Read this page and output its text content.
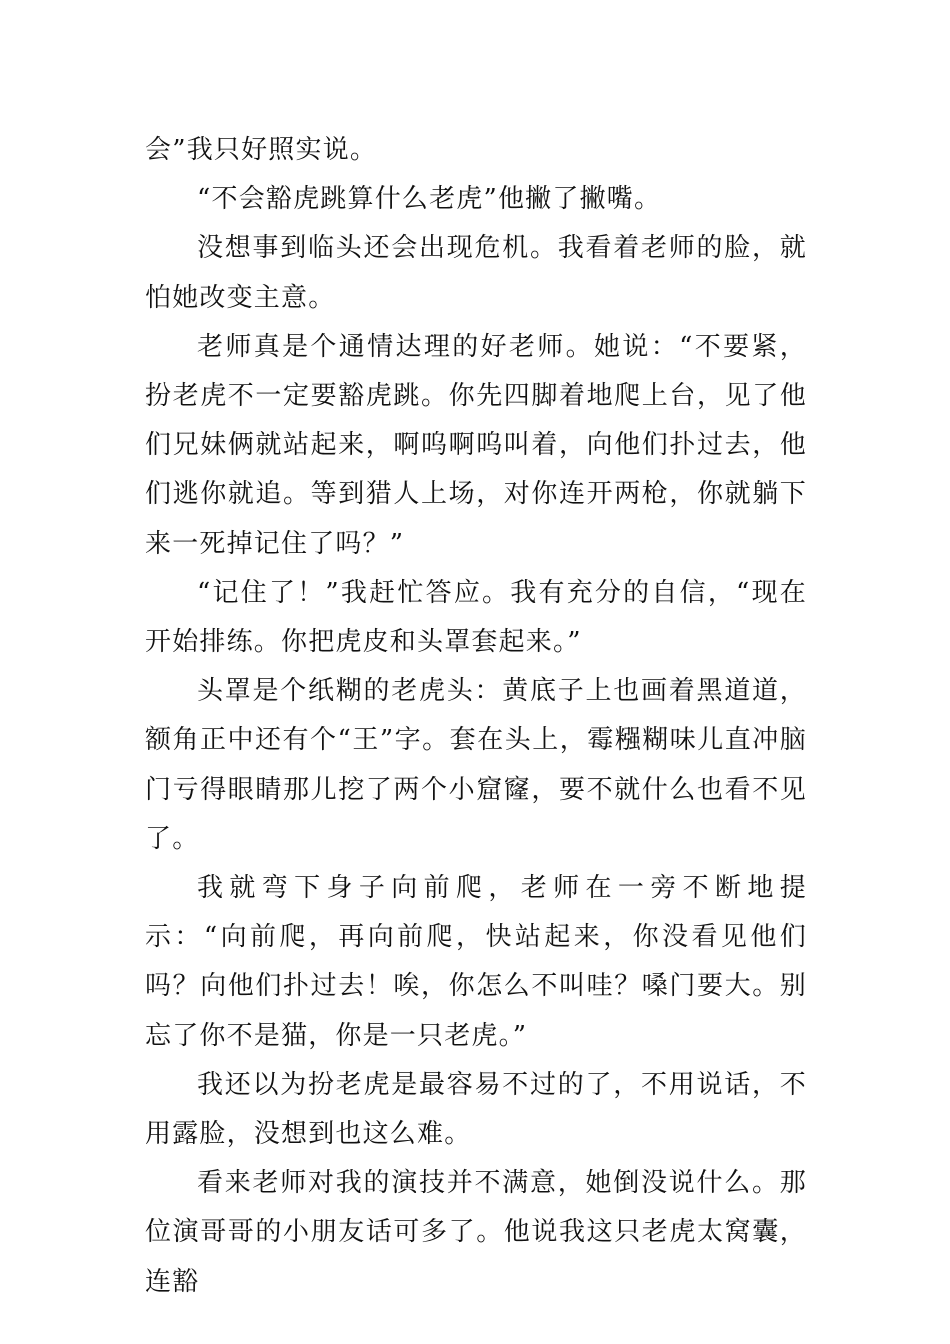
会”我只好照实说。

“不会豁虎跳算什么老虎”他撇了撇嘴。

没想事到临头还会出现危机。我看着老师的脸，就怕她改变主意。

老师真是个通情达理的好老师。她说：“不要紧，扮老虎不一定要豁虎跳。你先四脚着地爬上台，见了他们兄妹俩就站起来，啊呜啊呜叫着，向他们扑过去，他们逃你就追。等到猎人上场，对你连开两枪，你就躺下来一死掉记住了吗？”

“记住了！”我赶忙答应。我有充分的自信，“现在开始排练。你把虎皮和头罩套起来。”

头罩是个纸糊的老虎头：黄底子上也画着黑道道，额角正中还有个“王”字。套在头上，霉糨糊味儿直冲脑门亏得眼睛那儿挖了两个小窟窿，要不就什么也看不见了。

我就弯下身子向前爬，老师在一旁不断地提示：“向前爬，再向前爬，快站起来，你没看见他们吗？向他们扑过去！唉，你怎么不叫哇？嗓门要大。别忘了你不是猫，你是一只老虎。”

我还以为扮老虎是最容易不过的了，不用说话，不用露脸，没想到也这么难。

看来老师对我的演技并不满意，她倒没说什么。那位演哥哥的小朋友话可多了。他说我这只老虎太窝囊，连豁
